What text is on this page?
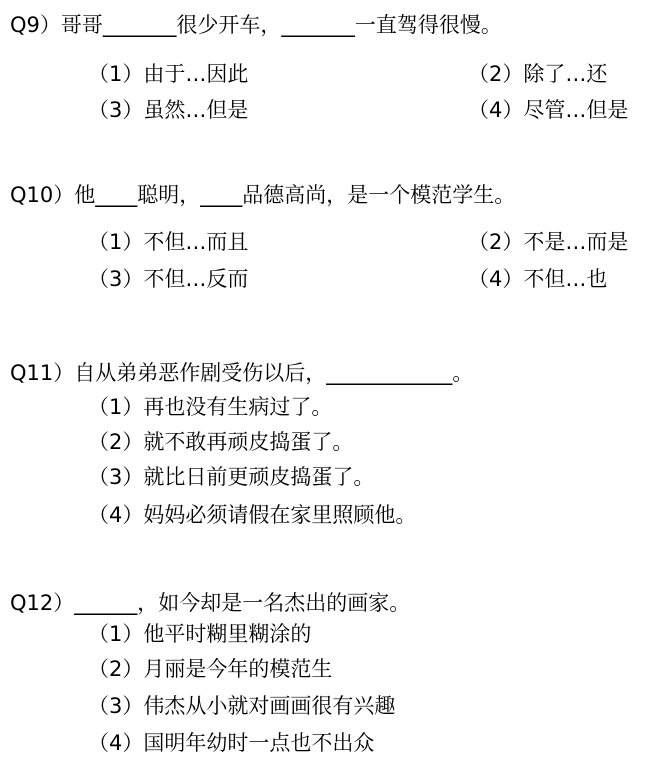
Q9）哥哥_______很少开车，_______一直驾得很慢。
（1）由于…因此	（2）除了…还
（3）虽然…但是	（4）尽管…但是
Q10）他____聪明，____品德高尚，是一个模范学生。
（1）不但…而且	（2）不是…而是
（3）不但…反而	（4）不但…也
Q11）自从弟弟恶作剧受伤以后，____________。
（1）再也没有生病过了。
（2）就不敢再顽皮捣蛋了。
（3）就比日前更顽皮捣蛋了。
（4）妈妈必须请假在家里照顾他。
Q12）______，如今却是一名杰出的画家。
（1）他平时糊里糊涂的
（2）月丽是今年的模范生
（3）伟杰从小就对画画很有兴趣
（4）国明年幼时一点也不出众
